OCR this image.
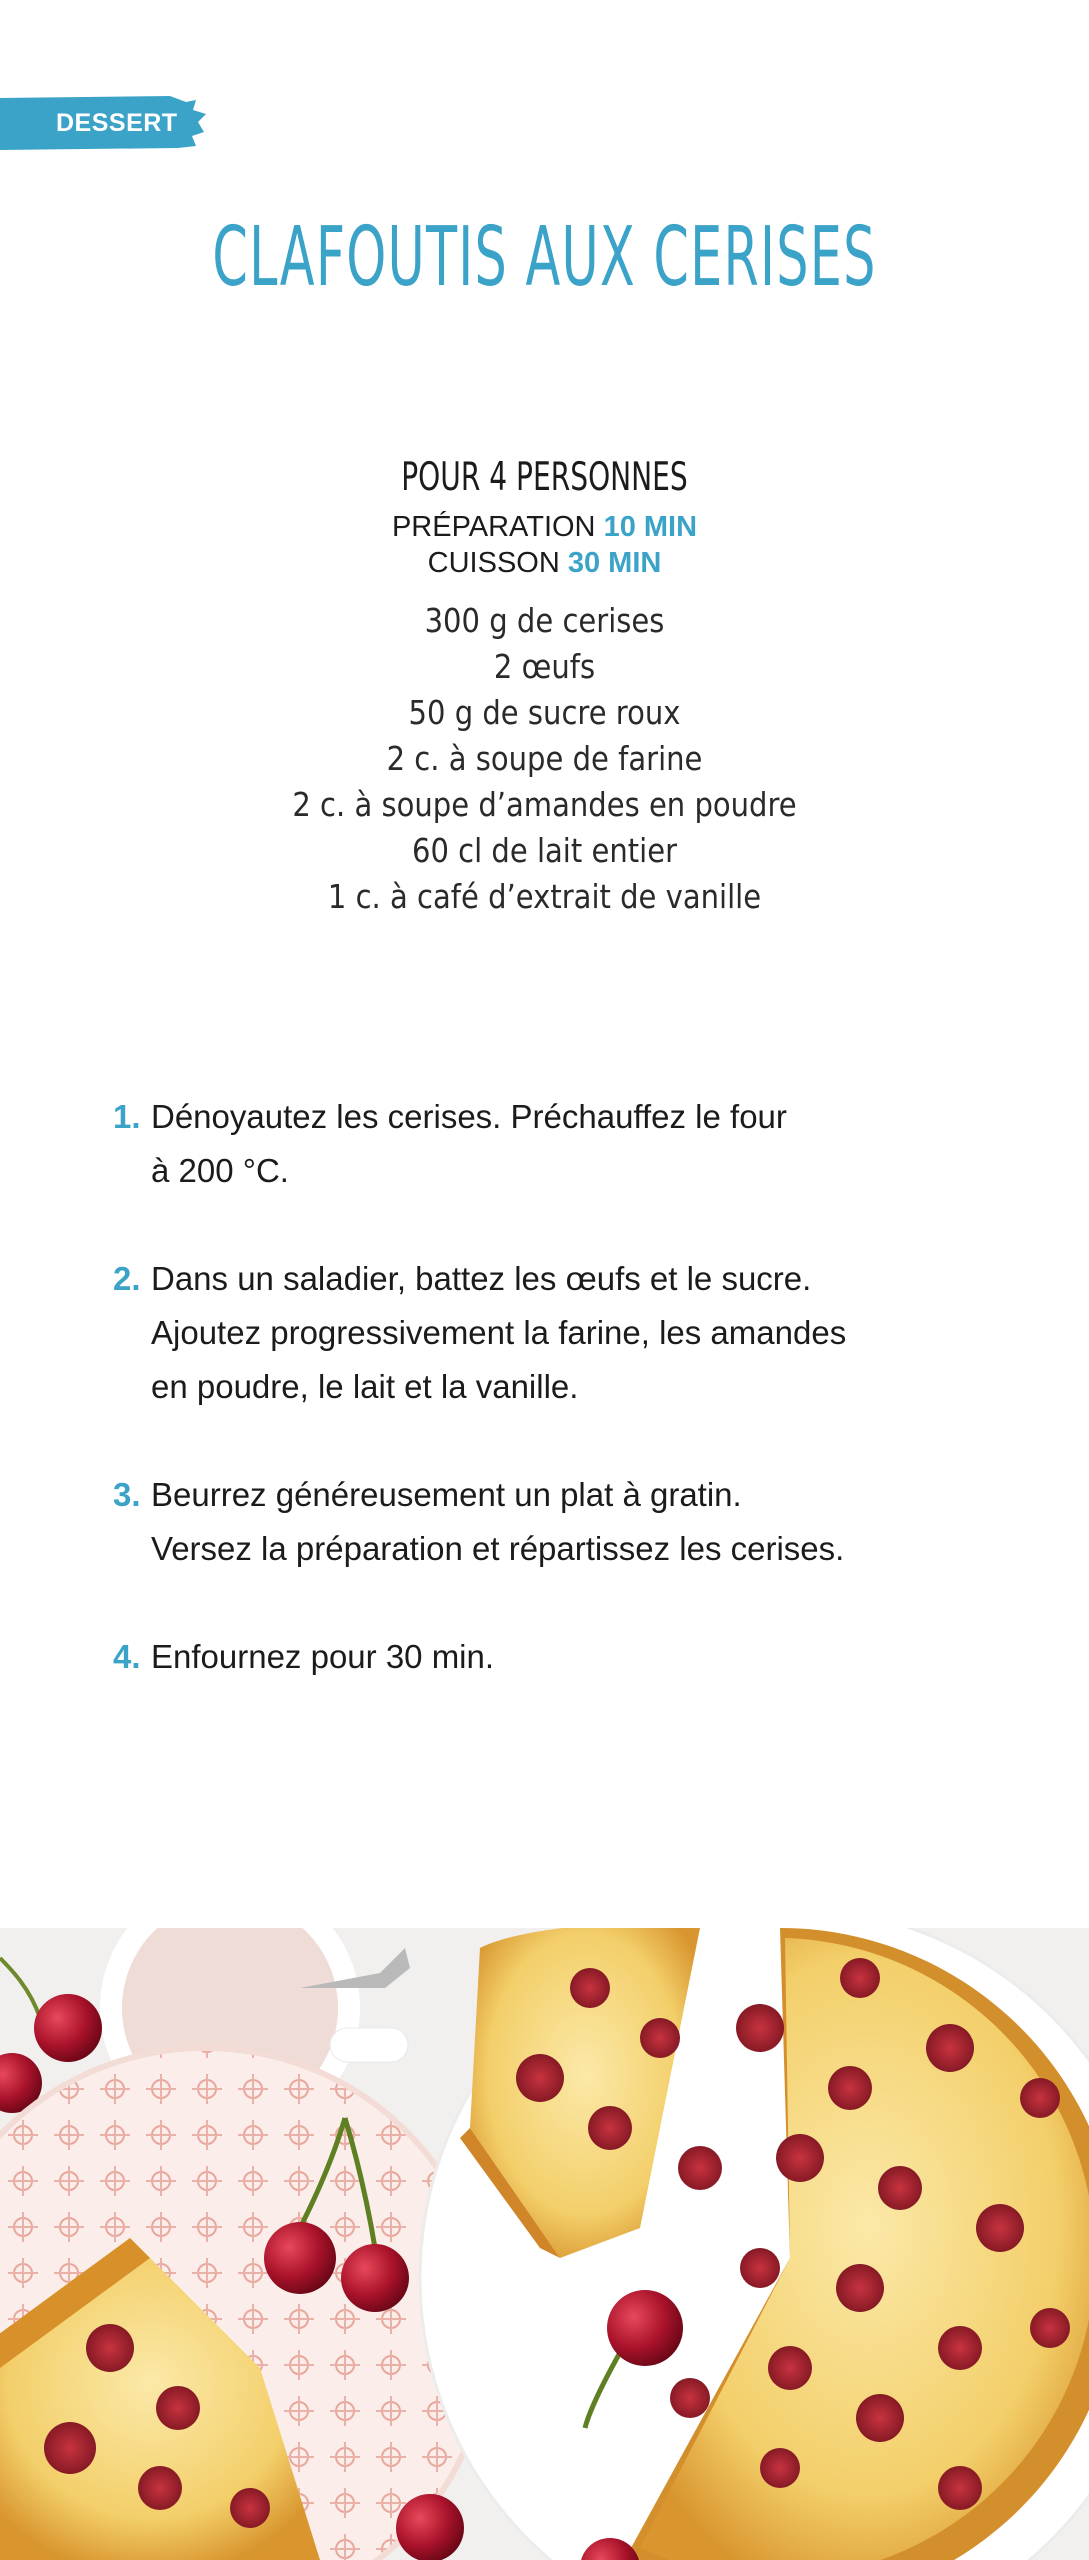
DESSERT
CLAFOUTIS AUX CERISES
POUR 4 PERSONNES
PRÉPARATION 10 MIN
CUISSON 30 MIN
300 g de cerises
2 œufs
50 g de sucre roux
2 c. à soupe de farine
2 c. à soupe d’amandes en poudre
60 cl de lait entier
1 c. à café d’extrait de vanille
1. Dénoyautez les cerises. Préchauffez le four
à 200 °C.
2. Dans un saladier, battez les œufs et le sucre.
Ajoutez progressivement la farine, les amandes
en poudre, le lait et la vanille.
3. Beurrez généreusement un plat à gratin.
Versez la préparation et répartissez les cerises.
4. Enfournez pour 30 min.
